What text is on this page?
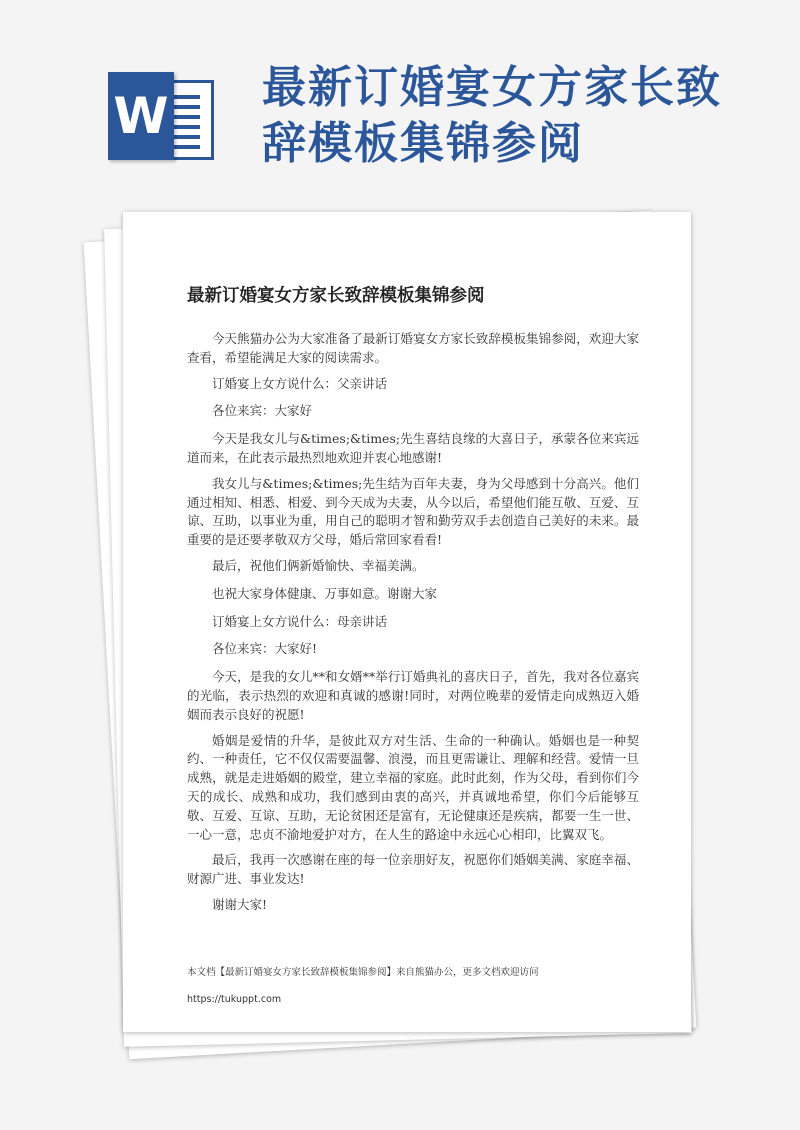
W 最新订婚宴女方家长致
辞模板集锦参阅
最新订婚宴女方家长致辞模板集锦参阅

今天熊猫办公为大家准备了最新订婚宴女方家长致辞模板集锦参阅，欢迎大家查看，希望能满足大家的阅读需求。

订婚宴上女方说什么：父亲讲话

各位来宾：大家好

今天是我女儿与&times;&times;先生喜结良缘的大喜日子，承蒙各位来宾远道而来，在此表示最热烈地欢迎并衷心地感谢!

我女儿与&times;&times;先生结为百年夫妻，身为父母感到十分高兴。他们通过相知、相悉、相爱、到今天成为夫妻，从今以后，希望他们能互敬、互爱、互谅、互助，以事业为重，用自己的聪明才智和勤劳双手去创造自己美好的未来。最重要的是还要孝敬双方父母，婚后常回家看看!

最后，祝他们俩新婚愉快、幸福美满。

也祝大家身体健康、万事如意。谢谢大家

订婚宴上女方说什么：母亲讲话

各位来宾：大家好!

今天，是我的女儿**和女婿**举行订婚典礼的喜庆日子，首先，我对各位嘉宾的光临，表示热烈的欢迎和真诚的感谢!同时，对两位晚辈的爱情走向成熟迈入婚姻而表示良好的祝愿!

婚姻是爱情的升华，是彼此双方对生活、生命的一种确认。婚姻也是一种契约、一种责任，它不仅仅需要温馨、浪漫，而且更需谦让、理解和经营。爱情一旦成熟，就是走进婚姻的殿堂，建立幸福的家庭。此时此刻，作为父母，看到你们今天的成长、成熟和成功，我们感到由衷的高兴，并真诚地希望，你们今后能够互敬、互爱、互谅、互助，无论贫困还是富有，无论健康还是疾病，都要一生一世、一心一意，忠贞不渝地爱护对方，在人生的路途中永远心心相印，比翼双飞。

最后，我再一次感谢在座的每一位亲朋好友，祝愿你们婚姻美满、家庭幸福、财源广进、事业发达!

谢谢大家!

本文档【最新订婚宴女方家长致辞模板集锦参阅】来自熊猫办公，更多文档欢迎访问
https://tukuppt.com
